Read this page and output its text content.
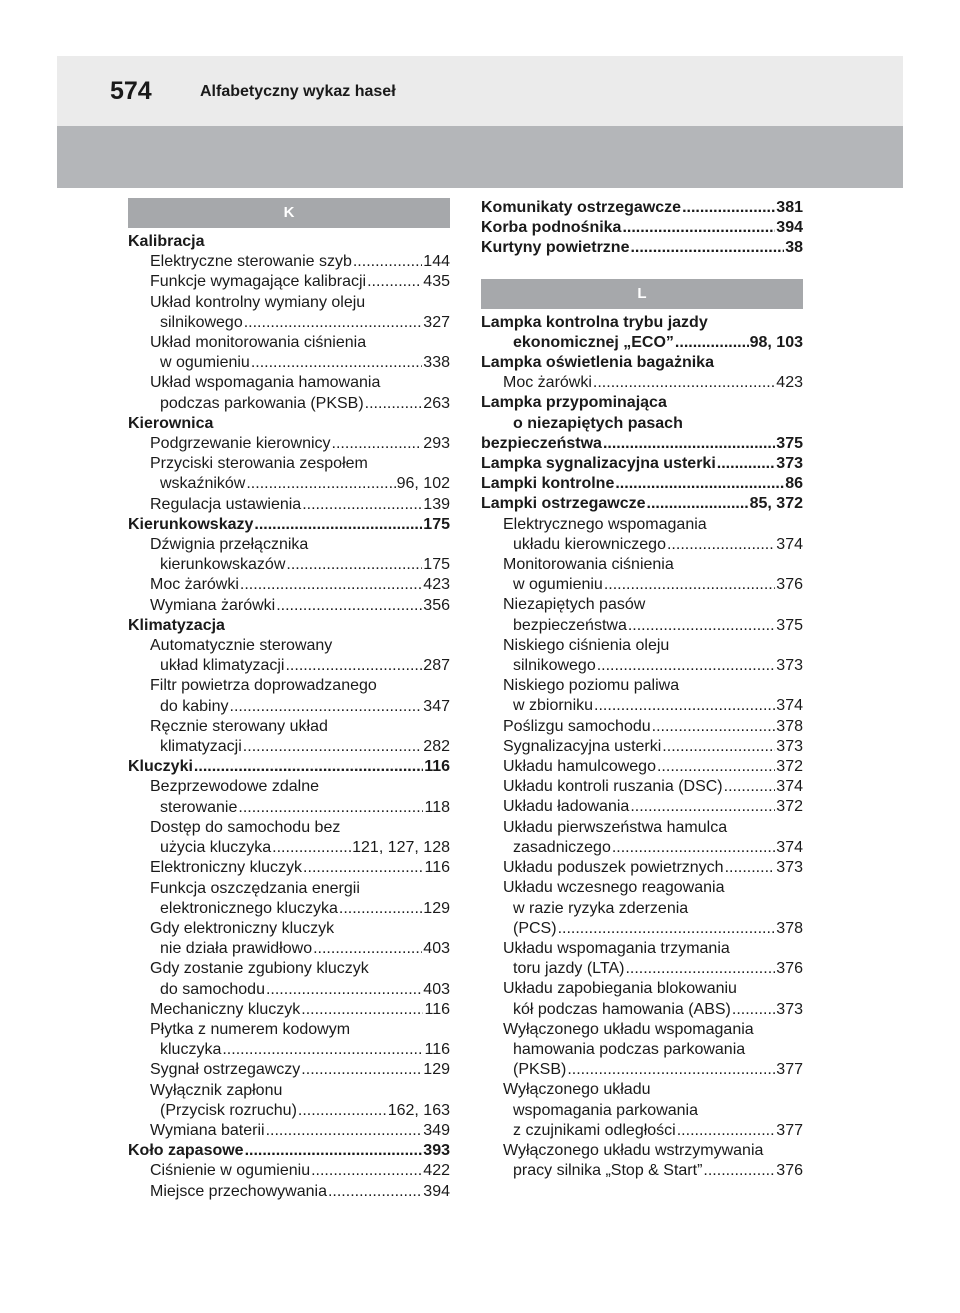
574	Alfabetyczny wykaz haseł
K
Kalibracja
Elektryczne sterowanie szyb .....	144
Funkcje wymagające kalibracji .....	435
Układ kontrolny wymiany oleju
silnikowego .....	327
Układ monitorowania ciśnienia
w ogumieniu .....	338
Układ wspomagania hamowania
podczas parkowania (PKSB) .....	263
Kierownica
Podgrzewanie kierownicy .....	293
Przyciski sterowania zespołem
wskaźników .....	96, 102
Regulacja ustawienia .....	139
Kierunkowskazy .....	175
Dźwignia przełącznika
kierunkowskazów .....	175
Moc żarówki .....	423
Wymiana żarówki .....	356
Klimatyzacja
Automatycznie sterowany
układ klimatyzacji .....	287
Filtr powietrza doprowadzanego
do kabiny .....	347
Ręcznie sterowany układ
klimatyzacji .....	282
Kluczyki .....	116
Bezprzewodowe zdalne
sterowanie .....	118
Dostęp do samochodu bez
użycia kluczyka .....	121, 127, 128
Elektroniczny kluczyk .....	116
Funkcja oszczędzania energii
elektronicznego kluczyka .....	129
Gdy elektroniczny kluczyk
nie działa prawidłowo .....	403
Gdy zostanie zgubiony kluczyk
do samochodu .....	403
Mechaniczny kluczyk .....	116
Płytka z numerem kodowym
kluczyka .....	116
Sygnał ostrzegawczy .....	129
Wyłącznik zapłonu
(Przycisk rozruchu) .....	162, 163
Wymiana baterii .....	349
Koło zapasowe .....	393
Ciśnienie w ogumieniu .....	422
Miejsce przechowywania .....	394
Komunikaty ostrzegawcze .....	381
Korba podnośnika .....	394
Kurtyny powietrzne .....	38
L
Lampka kontrolna trybu jazdy
ekonomicznej „ECO” .....	98, 103
Lampka oświetlenia bagażnika
Moc żarówki .....	423
Lampka przypominająca
o niezapiętych pasach
bezpieczeństwa .....	375
Lampka sygnalizacyjna usterki .....	373
Lampki kontrolne .....	86
Lampki ostrzegawcze .....	85, 372
Elektrycznego wspomagania
układu kierowniczego .....	374
Monitorowania ciśnienia
w ogumieniu .....	376
Niezapiętych pasów
bezpieczeństwa .....	375
Niskiego ciśnienia oleju
silnikowego .....	373
Niskiego poziomu paliwa
w zbiorniku .....	374
Poślizgu samochodu .....	378
Sygnalizacyjna usterki .....	373
Układu hamulcowego .....	372
Układu kontroli ruszania (DSC) .....	374
Układu ładowania .....	372
Układu pierwszeństwa hamulca
zasadniczego .....	374
Układu poduszek powietrznych .....	373
Układu wczesnego reagowania
w razie ryzyka zderzenia
(PCS) .....	378
Układu wspomagania trzymania
toru jazdy (LTA) .....	376
Układu zapobiegania blokowaniu
kół podczas hamowania (ABS) .....	373
Wyłączonego układu wspomagania
hamowania podczas parkowania
(PKSB) .....	377
Wyłączonego układu
wspomagania parkowania
z czujnikami odległości .....	377
Wyłączonego układu wstrzymywania
pracy silnika „Stop & Start” .....	376
